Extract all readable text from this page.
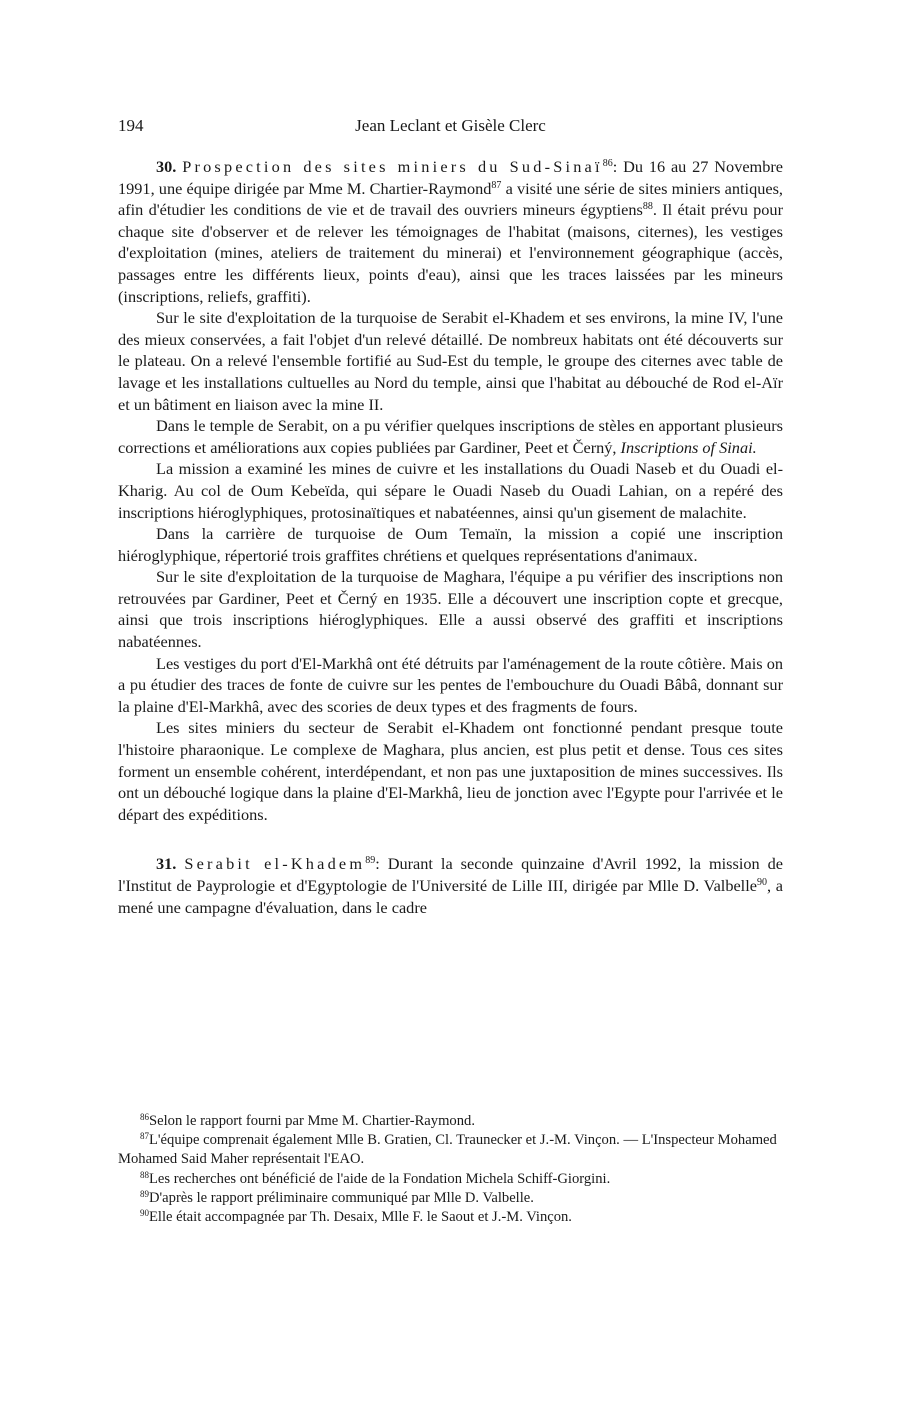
194	Jean Leclant et Gisèle Clerc

30. Prospection des sites miniers du Sud-Sinaï$^{86}$: Du 16 au 27 Novembre 1991, une équipe dirigée par Mme M. Chartier-Raymond$^{87}$ a visité une série de sites miniers antiques, afin d'étudier les conditions de vie et de travail des ouvriers mineurs égyptiens$^{88}$. Il était prévu pour chaque site d'observer et de relever les témoignages de l'habitat (maisons, citernes), les vestiges d'exploitation (mines, ateliers de traitement du minerai) et l'environnement géographique (accès, passages entre les différents lieux, points d'eau), ainsi que les traces laissées par les mineurs (inscriptions, reliefs, graffiti).

Sur le site d'exploitation de la turquoise de Serabit el-Khadem et ses environs, la mine IV, l'une des mieux conservées, a fait l'objet d'un relevé détaillé. De nombreux habitats ont été découverts sur le plateau. On a relevé l'ensemble fortifié au Sud-Est du temple, le groupe des citernes avec table de lavage et les installations cultuelles au Nord du temple, ainsi que l'habitat au débouché de Rod el-Aïr et un bâtiment en liaison avec la mine II.

Dans le temple de Serabit, on a pu vérifier quelques inscriptions de stèles en apportant plusieurs corrections et améliorations aux copies publiées par Gardiner, Peet et Černý, Inscriptions of Sinai.

La mission a examiné les mines de cuivre et les installations du Ouadi Naseb et du Ouadi el-Kharig. Au col de Oum Kebeïda, qui sépare le Ouadi Naseb du Ouadi Lahian, on a repéré des inscriptions hiéroglyphiques, protosinaïtiques et nabatéennes, ainsi qu'un gisement de malachite.

Dans la carrière de turquoise de Oum Temaïn, la mission a copié une inscription hiéroglyphique, répertorié trois graffites chrétiens et quelques représentations d'animaux.

Sur le site d'exploitation de la turquoise de Maghara, l'équipe a pu vérifier des inscriptions non retrouvées par Gardiner, Peet et Černý en 1935. Elle a découvert une inscription copte et grecque, ainsi que trois inscriptions hiéroglyphiques. Elle a aussi observé des graffiti et inscriptions nabatéennes.

Les vestiges du port d'El-Markhâ ont été détruits par l'aménagement de la route côtière. Mais on a pu étudier des traces de fonte de cuivre sur les pentes de l'embouchure du Ouadi Bâbâ, donnant sur la plaine d'El-Markhâ, avec des scories de deux types et des fragments de fours.

Les sites miniers du secteur de Serabit el-Khadem ont fonctionné pendant presque toute l'histoire pharaonique. Le complexe de Maghara, plus ancien, est plus petit et dense. Tous ces sites forment un ensemble cohérent, interdépendant, et non pas une juxtaposition de mines successives. Ils ont un débouché logique dans la plaine d'El-Markhâ, lieu de jonction avec l'Egypte pour l'arrivée et le départ des expéditions.

31. Serabit el-Khadem$^{89}$: Durant la seconde quinzaine d'Avril 1992, la mission de l'Institut de Payprologie et d'Egyptologie de l'Université de Lille III, dirigée par Mlle D. Valbelle$^{90}$, a mené une campagne d'évaluation, dans le cadre

$^{86}$Selon le rapport fourni par Mme M. Chartier-Raymond.

$^{87}$L'équipe comprenait également Mlle B. Gratien, Cl. Traunecker et J.-M. Vinçon. — L'Inspecteur Mohamed Mohamed Said Maher représentait l'EAO.

$^{88}$Les recherches ont bénéficié de l'aide de la Fondation Michela Schiff-Giorgini.

$^{89}$D'après le rapport préliminaire communiqué par Mlle D. Valbelle.

$^{90}$Elle était accompagnée par Th. Desaix, Mlle F. le Saout et J.-M. Vinçon.
